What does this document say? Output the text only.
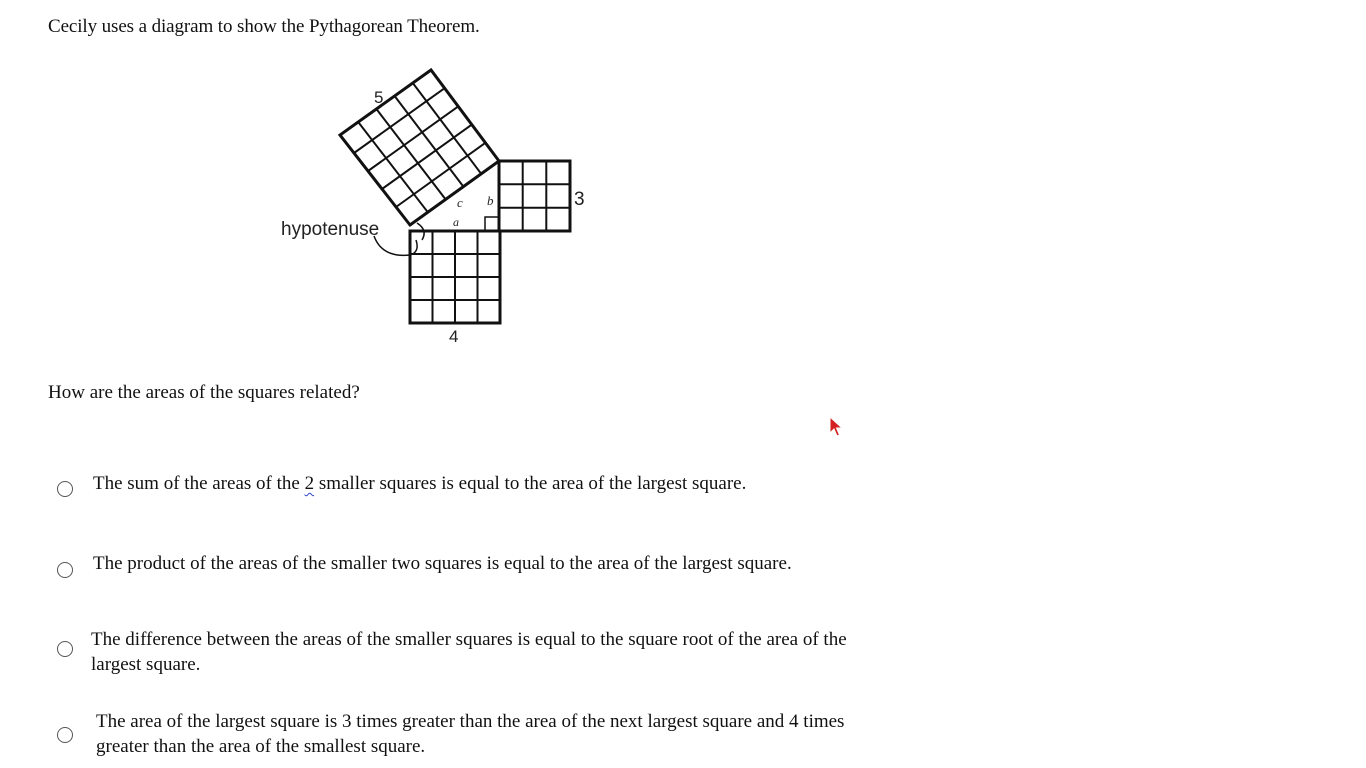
Cecily uses a diagram to show the Pythagorean Theorem.
5
3
4
hypotenuse	a
b
c
How are the areas of the squares related?
The sum of the areas of the 2 smaller squares is equal to the area of the largest square.
The product of the areas of the smaller two squares is equal to the area of the largest square.
The difference between the areas of the smaller squares is equal to the square root of the area of the largest square.
The area of the largest square is 3 times greater than the area of the next largest square and 4 times greater than the area of the smallest square.
